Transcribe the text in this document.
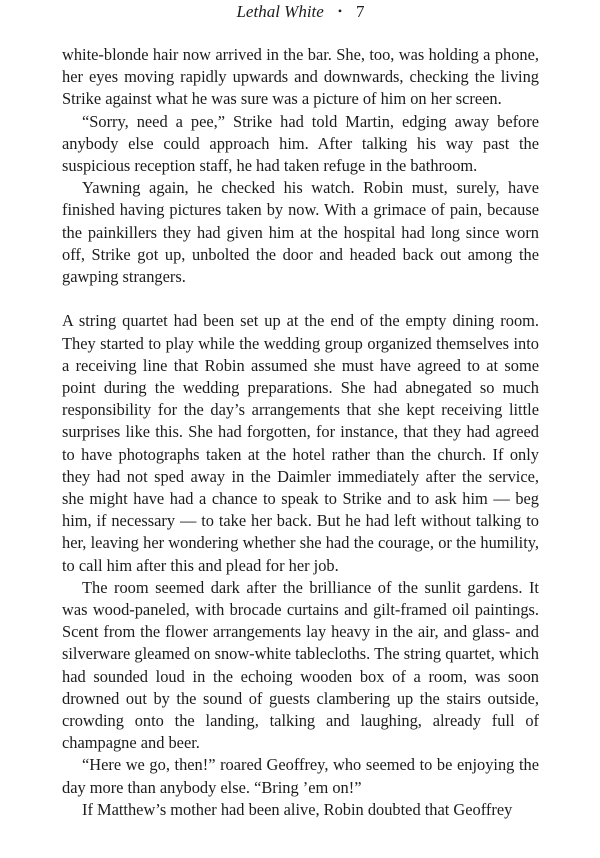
Lethal White • 7

white-blonde hair now arrived in the bar. She, too, was holding a phone, her eyes moving rapidly upwards and downwards, checking the living Strike against what he was sure was a picture of him on her screen.

“Sorry, need a pee,” Strike had told Martin, edging away before anybody else could approach him. After talking his way past the suspicious reception staff, he had taken refuge in the bathroom.

Yawning again, he checked his watch. Robin must, surely, have finished having pictures taken by now. With a grimace of pain, because the painkillers they had given him at the hospital had long since worn off, Strike got up, unbolted the door and headed back out among the gawping strangers.

A string quartet had been set up at the end of the empty dining room. They started to play while the wedding group organized themselves into a receiving line that Robin assumed she must have agreed to at some point during the wedding preparations. She had abnegated so much responsibility for the day’s arrangements that she kept receiving little surprises like this. She had forgotten, for instance, that they had agreed to have photographs taken at the hotel rather than the church. If only they had not sped away in the Daimler immediately after the service, she might have had a chance to speak to Strike and to ask him — beg him, if necessary — to take her back. But he had left without talking to her, leaving her wondering whether she had the courage, or the humility, to call him after this and plead for her job.

The room seemed dark after the brilliance of the sunlit gardens. It was wood-paneled, with brocade curtains and gilt-framed oil paintings. Scent from the flower arrangements lay heavy in the air, and glass- and silverware gleamed on snow-white tablecloths. The string quartet, which had sounded loud in the echoing wooden box of a room, was soon drowned out by the sound of guests clambering up the stairs outside, crowding onto the landing, talking and laughing, already full of champagne and beer.

“Here we go, then!” roared Geoffrey, who seemed to be enjoying the day more than anybody else. “Bring ’em on!”

If Matthew’s mother had been alive, Robin doubted that Geoffrey
